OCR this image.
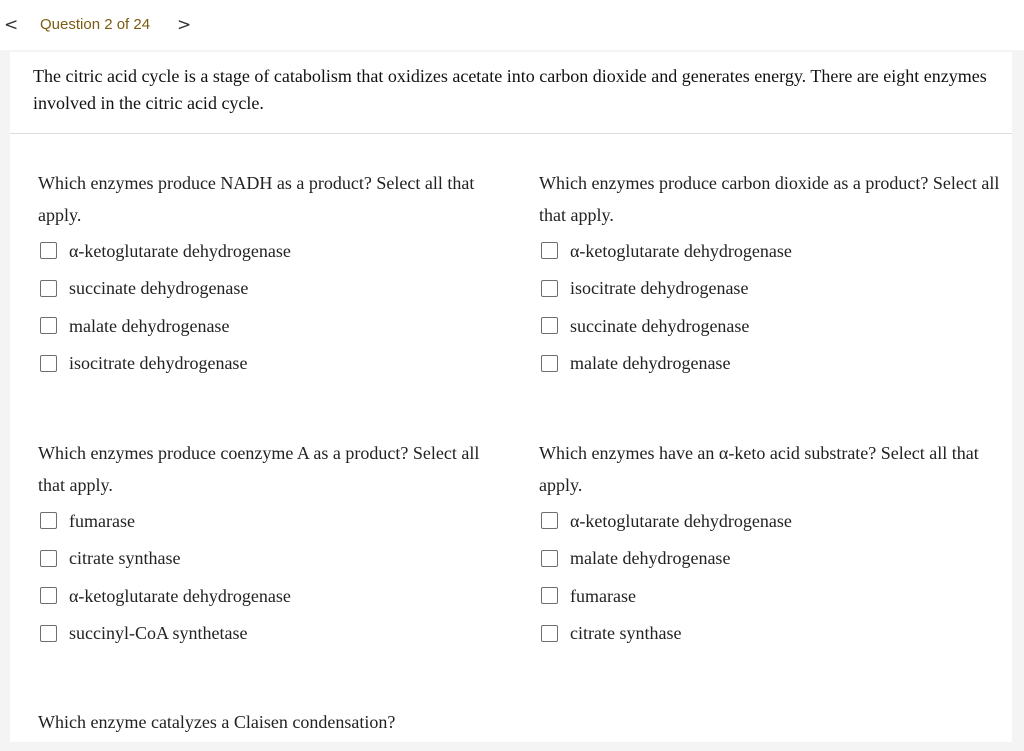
< Question 2 of 24 >

The citric acid cycle is a stage of catabolism that oxidizes acetate into carbon dioxide and generates energy. There are eight enzymes involved in the citric acid cycle.

Which enzymes produce NADH as a product? Select all that apply.

α-ketoglutarate dehydrogenase
succinate dehydrogenase
malate dehydrogenase
isocitrate dehydrogenase

Which enzymes produce carbon dioxide as a product? Select all that apply.

α-ketoglutarate dehydrogenase
isocitrate dehydrogenase
succinate dehydrogenase
malate dehydrogenase

Which enzymes produce coenzyme A as a product? Select all that apply.

fumarase
citrate synthase
α-ketoglutarate dehydrogenase
succinyl-CoA synthetase

Which enzymes have an α-keto acid substrate? Select all that apply.

α-ketoglutarate dehydrogenase
malate dehydrogenase
fumarase
citrate synthase

Which enzyme catalyzes a Claisen condensation?
